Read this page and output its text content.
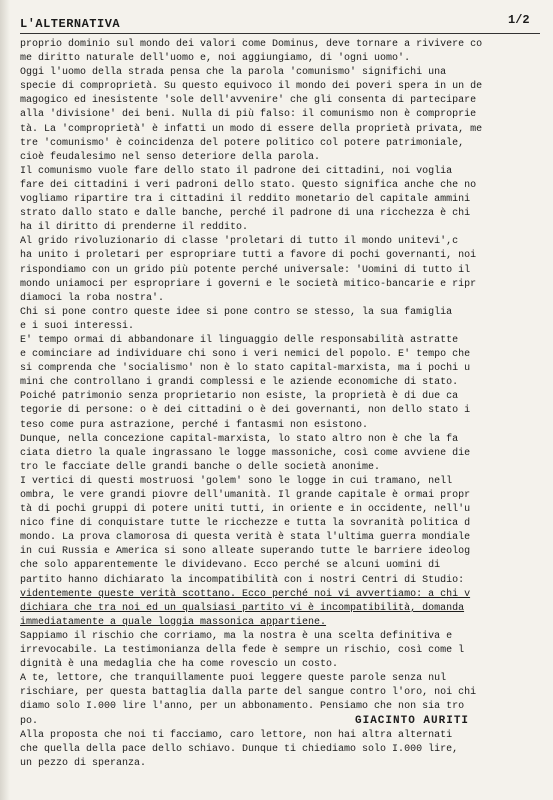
L'ALTERNATIVA	1/2
proprio dominio sul mondo dei valori come Dominus, deve tornare a rivivere co
me diritto naturale dell'uomo e, noi aggiungiamo, di 'ogni uomo'.
Oggi l'uomo della strada pensa che la parola 'comunismo' significhi una
specie di comproprietà. Su questo equivoco il mondo dei poveri spera in un de
magogico ed inesistente 'sole dell'avvenire' che gli consenta di partecipare
alla 'divisione' dei beni. Nulla di più falso: il comunismo non è comproprie
tà. La 'comproprietà' è infatti un modo di essere della proprietà privata, me
tre 'comunismo' è coincidenza del potere politico col potere patrimoniale,
cioè feudalesimo nel senso deteriore della parola.
Il comunismo vuole fare dello stato il padrone dei cittadini, noi voglia
fare dei cittadini i veri padroni dello stato. Questo significa anche che no
vogliamo ripartire tra i cittadini il reddito monetario del capitale ammini
strato dallo stato e dalle banche, perché il padrone di una ricchezza è chi
ha il diritto di prenderne il reddito.
Al grido rivoluzionario di classe 'proletari di tutto il mondo unitevi',c
ha unito i proletari per espropriare tutti a favore di pochi governanti, noi
rispondiamo con un grido più potente perché universale: 'Uomini di tutto il
mondo uniamoci per espropriare i governi e le società mitico-bancarie e ripr
diamoci la roba nostra'.
Chi si pone contro queste idee si pone contro se stesso, la sua famiglia
e i suoi interessi.
E' tempo ormai di abbandonare il linguaggio delle responsabilità astratte
e cominciare ad individuare chi sono i veri nemici del popolo. E' tempo che
si comprenda che 'socialismo' non è lo stato capital-marxista, ma i pochi u
mini che controllano i grandi complessi e le aziende economiche di stato.
Poiché patrimonio senza proprietario non esiste, la proprietà è di due ca
tegorie di persone: o è dei cittadini o è dei governanti, non dello stato i
teso come pura astrazione, perché i fantasmi non esistono.
Dunque, nella concezione capital-marxista, lo stato altro non è che la fa
ciata dietro la quale ingrassano le logge massoniche, così come avviene die
tro le facciate delle grandi banche o delle società anonime.
I vertici di questi mostruosi 'golem' sono le logge in cui tramano, nell
ombra, le vere grandi piovre dell'umanità. Il grande capitale è ormai propr
tà di pochi gruppi di potere uniti tutti, in oriente e in occidente, nell'u
nico fine di conquistare tutte le ricchezze e tutta la sovranità politica d
mondo. La prova clamorosa di questa verità è stata l'ultima guerra mondiale
in cui Russia e America si sono alleate superando tutte le barriere ideolog
che solo apparentemente le dividevano. Ecco perché se alcuni uomini di
partito hanno dichiarato la incompatibilità con i nostri Centri di Studio:
videntemente queste verità scottano. Ecco perché noi vi avvertiamo: a chi v
dichiara che tra noi ed un qualsiasi partito vi è incompatibilità, domanda
immediatamente a quale loggia massonica appartiene.
Sappiamo il rischio che corriamo, ma la nostra è una scelta definitiva e
irrevocabile. La testimonianza della fede è sempre un rischio, così come l
dignità è una medaglia che ha come rovescio un costo.
A te, lettore, che tranquillamente puoi leggere queste parole senza nul
rischiare, per questa battaglia dalla parte del sangue contro l'oro, noi chi
diamo solo I.000 lire l'anno, per un abbonamento. Pensiamo che non sia tro
po.
Alla proposta che noi ti facciamo, caro lettore, non hai altra alternati
che quella della pace dello schiavo. Dunque ti chiediamo solo I.000 lire,
un pezzo di speranza.
GIACINTO AURITI
